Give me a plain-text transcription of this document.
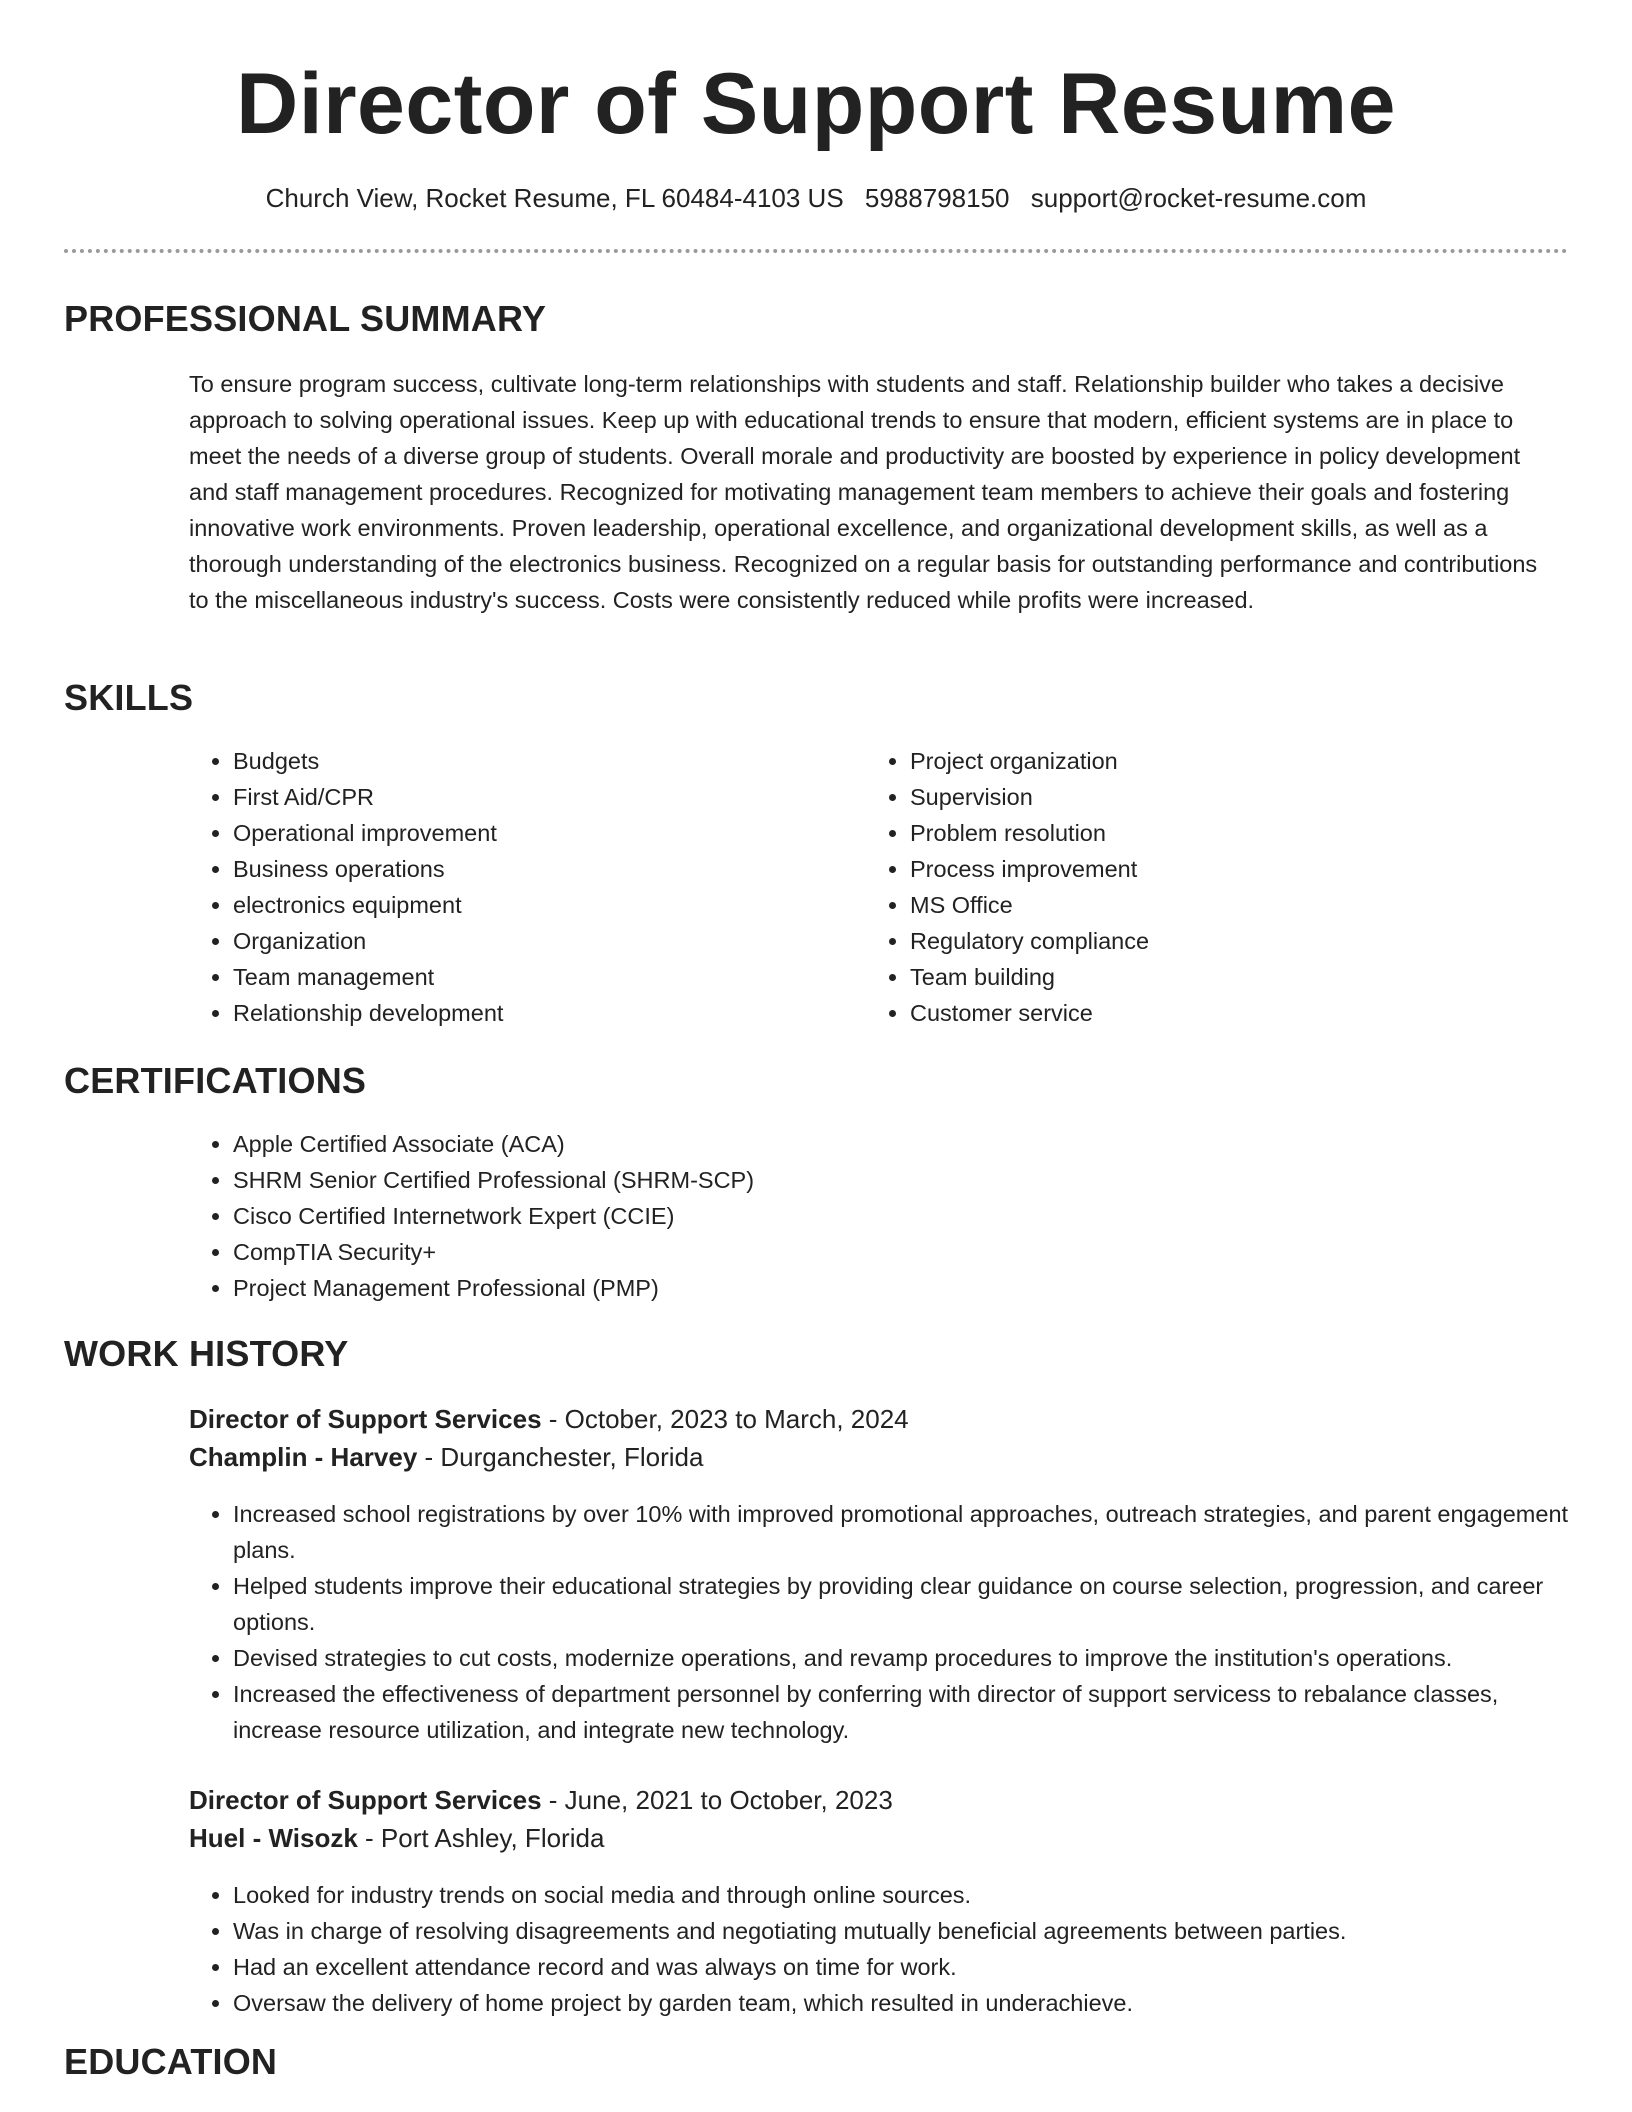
Director of Support Resume
Church View, Rocket Resume, FL 60484-4103 US 5988798150 support@rocket-resume.com
PROFESSIONAL SUMMARY
To ensure program success, cultivate long-term relationships with students and staff. Relationship builder who takes a decisive approach to solving operational issues. Keep up with educational trends to ensure that modern, efficient systems are in place to meet the needs of a diverse group of students. Overall morale and productivity are boosted by experience in policy development and staff management procedures. Recognized for motivating management team members to achieve their goals and fostering innovative work environments. Proven leadership, operational excellence, and organizational development skills, as well as a thorough understanding of the electronics business. Recognized on a regular basis for outstanding performance and contributions to the miscellaneous industry's success. Costs were consistently reduced while profits were increased.
SKILLS
• Budgets
• First Aid/CPR
• Operational improvement
• Business operations
• electronics equipment
• Organization
• Team management
• Relationship development
• Project organization
• Supervision
• Problem resolution
• Process improvement
• MS Office
• Regulatory compliance
• Team building
• Customer service
CERTIFICATIONS
• Apple Certified Associate (ACA)
• SHRM Senior Certified Professional (SHRM-SCP)
• Cisco Certified Internetwork Expert (CCIE)
• CompTIA Security+
• Project Management Professional (PMP)
WORK HISTORY
Director of Support Services - October, 2023 to March, 2024
Champlin - Harvey - Durganchester, Florida
• Increased school registrations by over 10% with improved promotional approaches, outreach strategies, and parent engagement plans.
• Helped students improve their educational strategies by providing clear guidance on course selection, progression, and career options.
• Devised strategies to cut costs, modernize operations, and revamp procedures to improve the institution's operations.
• Increased the effectiveness of department personnel by conferring with director of support servicess to rebalance classes, increase resource utilization, and integrate new technology.
Director of Support Services - June, 2021 to October, 2023
Huel - Wisozk - Port Ashley, Florida
• Looked for industry trends on social media and through online sources.
• Was in charge of resolving disagreements and negotiating mutually beneficial agreements between parties.
• Had an excellent attendance record and was always on time for work.
• Oversaw the delivery of home project by garden team, which resulted in underachieve.
EDUCATION
